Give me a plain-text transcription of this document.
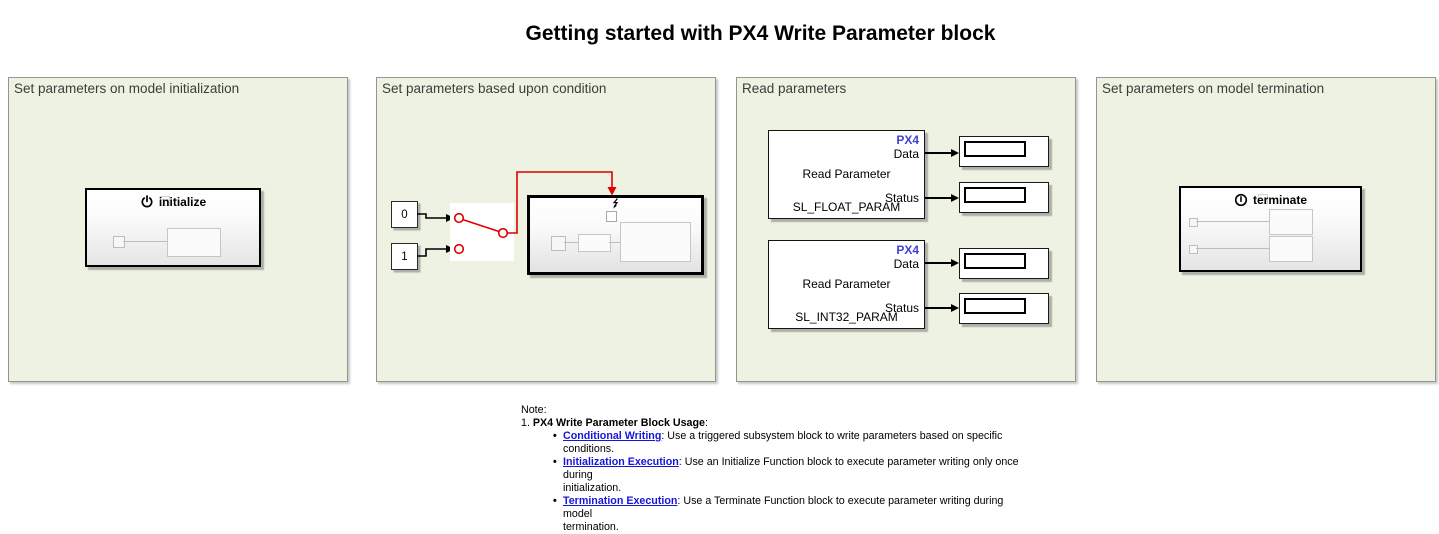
Getting started with PX4 Write Parameter block
Set parameters on model initialization	Set parameters based upon condition	Read parameters	Set parameters on model termination
initialize
0
1
PX4
Data
Read Parameter
Status
SL_FLOAT_PARAM
PX4
Data
Read Parameter
Status
SL_INT32_PARAM
terminate
Note:
1. PX4 Write Parameter Block Usage:
• Conditional Writing: Use a triggered subsystem block to write parameters based on specific conditions.
• Initialization Execution: Use an Initialize Function block to execute parameter writing only once during
initialization.
• Termination Execution: Use a Terminate Function block to execute parameter writing during model
termination.
